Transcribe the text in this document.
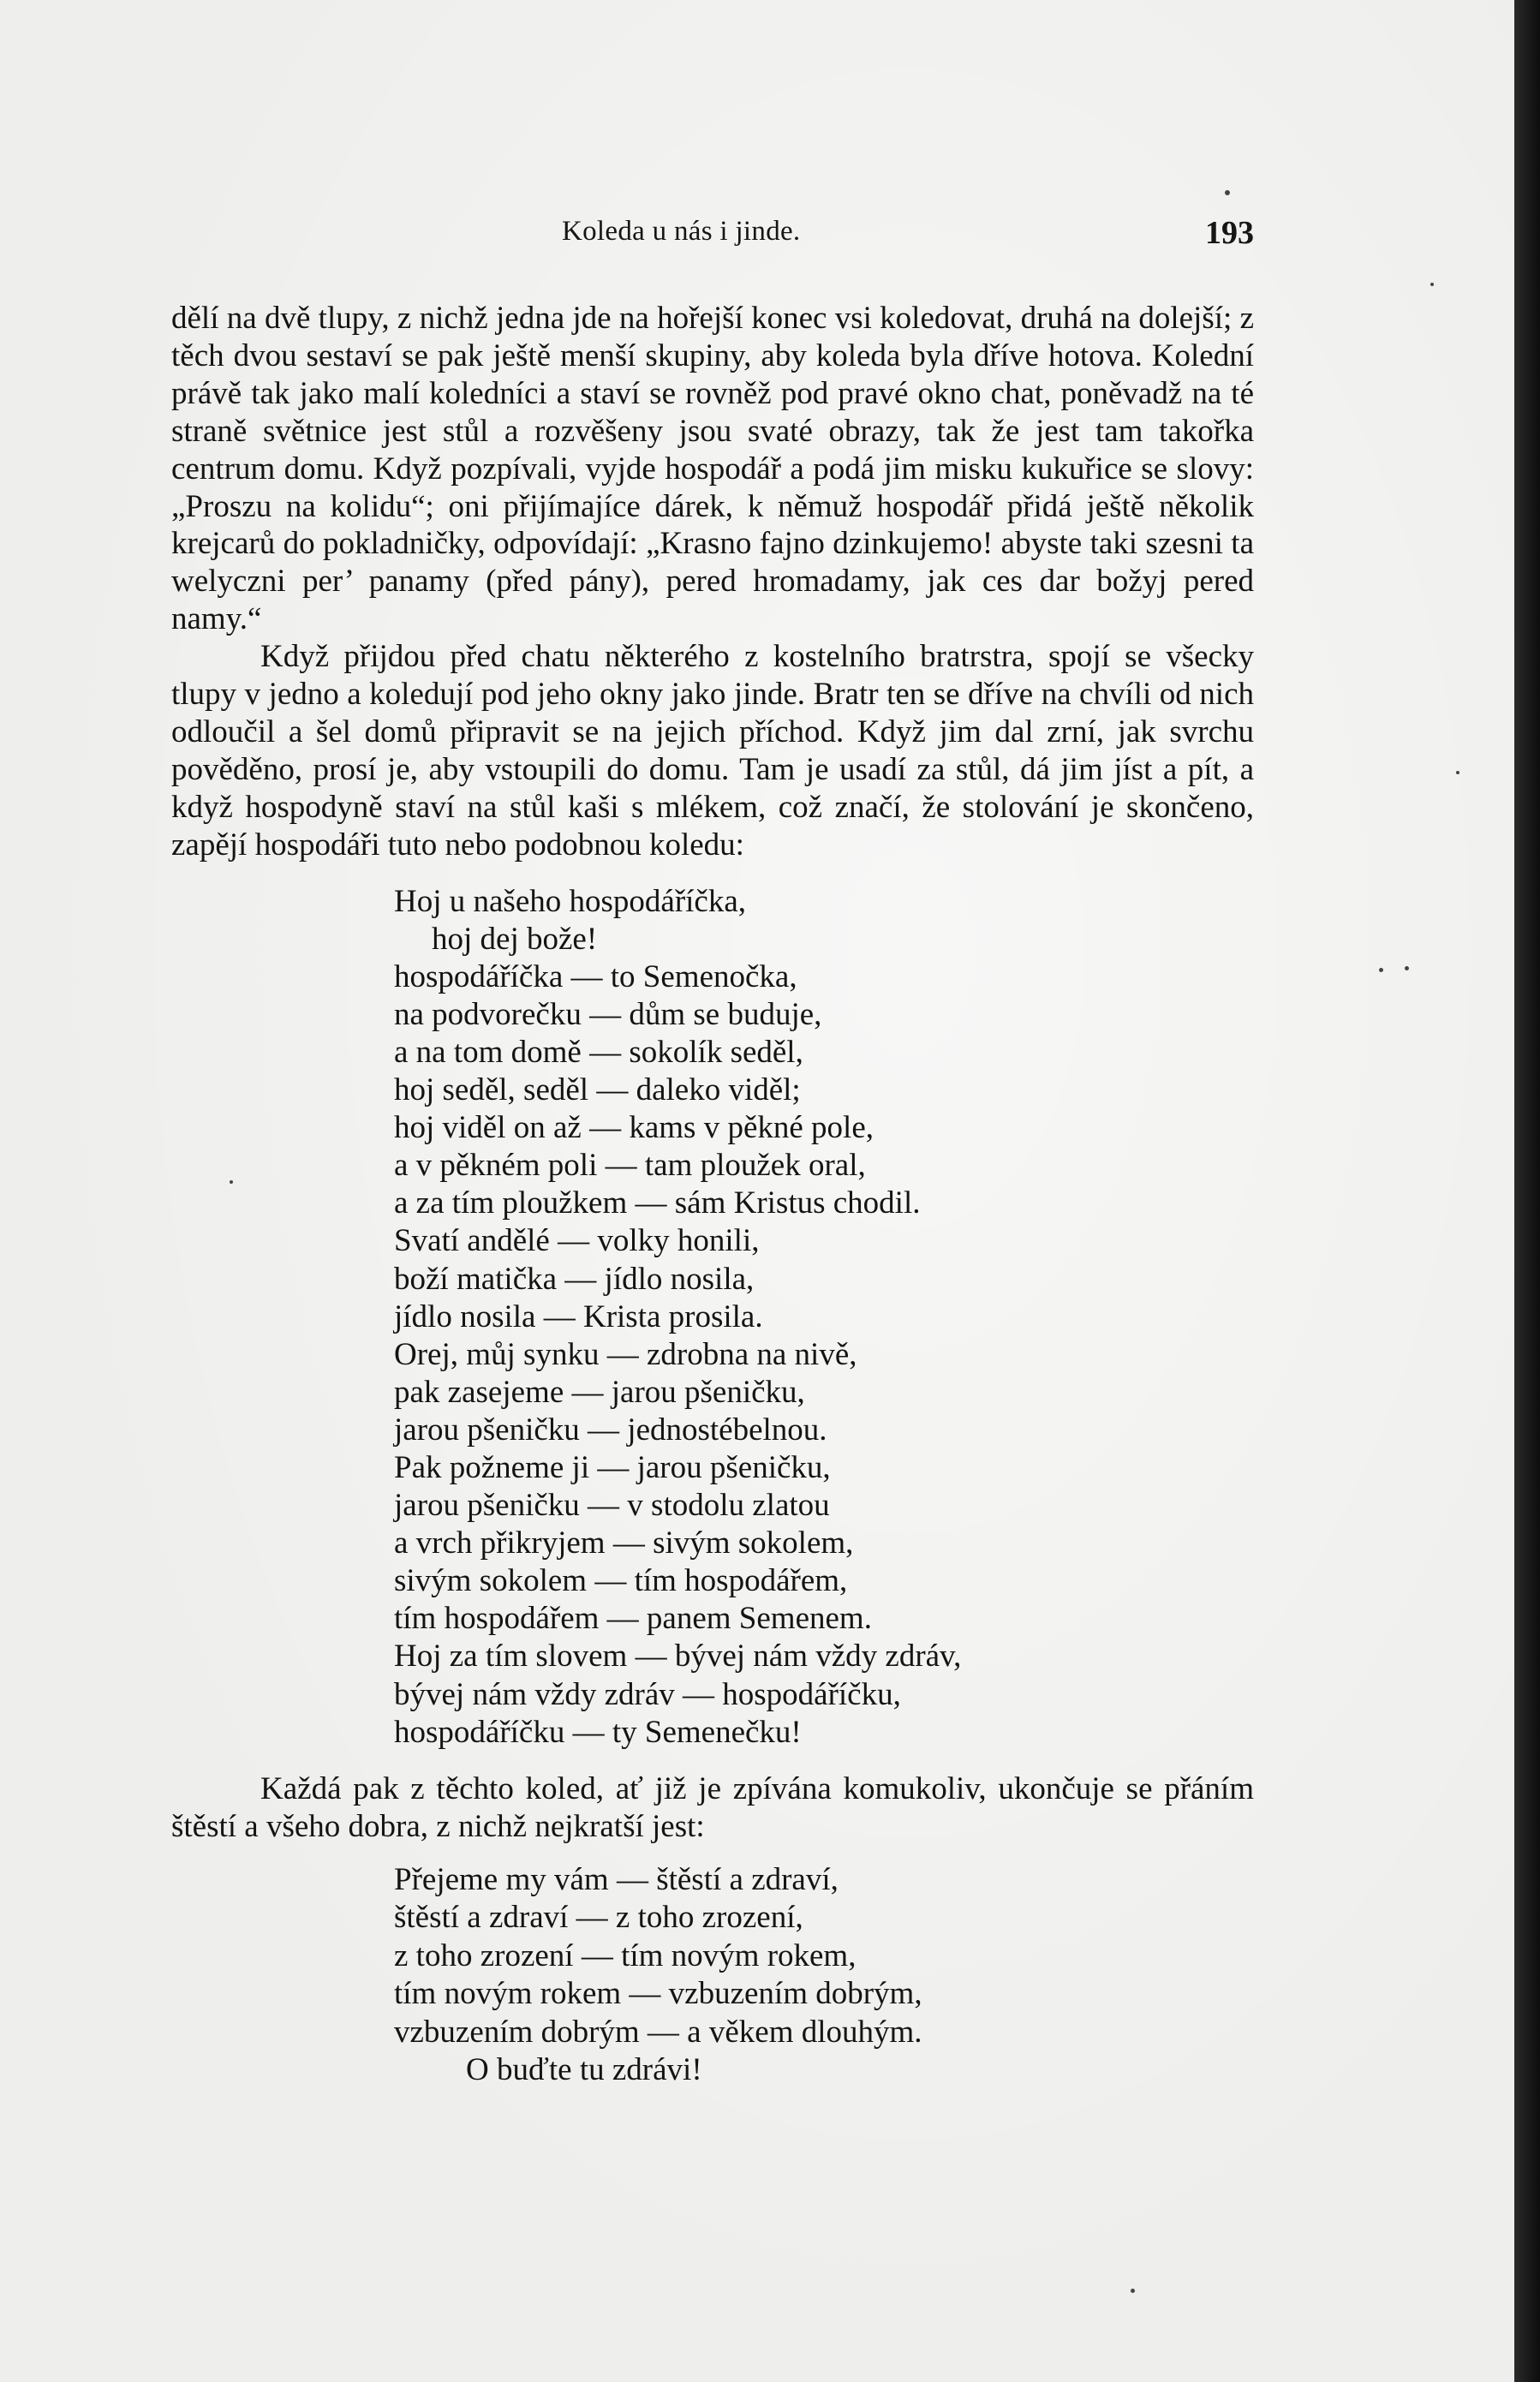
Koleda u nás i jinde.	193

dělí na dvě tlupy, z nichž jedna jde na hořejší konec vsi koledovat, druhá na dolejší; z těch dvou sestaví se pak ještě menší skupiny, aby koleda byla dříve hotova. Kolední právě tak jako malí koledníci a staví se rovněž pod pravé okno chat, poněvadž na té straně světnice jest stůl a rozvěšeny jsou svaté obrazy, tak že jest tam takořka centrum domu. Když pozpívali, vyjde hospodář a podá jim misku kukuřice se slovy: „Proszu na kolidu“; oni přijímajíce dárek, k němuž hospodář přidá ještě několik krejcarů do pokladničky, odpovídají: „Krasno fajno dzinkujemo! abyste taki szesni ta welyczni per’ panamy (před pány), pered hromadamy, jak ces dar božyj pered namy.“

Když přijdou před chatu některého z kostelního bratrstra, spojí se všecky tlupy v jedno a koledují pod jeho okny jako jinde. Bratr ten se dříve na chvíli od nich odloučil a šel domů připravit se na jejich příchod. Když jim dal zrní, jak svrchu pověděno, prosí je, aby vstoupili do domu. Tam je usadí za stůl, dá jim jíst a pít, a když hospodyně staví na stůl kaši s mlékem, což značí, že stolování je skončeno, zapějí hospodáři tuto nebo podobnou koledu:

Hoj u našeho hospodáříčka,
hoj dej bože!
hospodáříčka — to Semenočka,
na podvorečku — dům se buduje,
a na tom domě — sokolík seděl,
hoj seděl, seděl — daleko viděl;
hoj viděl on až — kams v pěkné pole,
a v pěkném poli — tam ploužek oral,
a za tím ploužkem — sám Kristus chodil.
Svatí andělé — volky honili,
boží matička — jídlo nosila,
jídlo nosila — Krista prosila.
Orej, můj synku — zdrobna na nivě,
pak zasejeme — jarou pšeničku,
jarou pšeničku — jednostébelnou.
Pak požneme ji — jarou pšeničku,
jarou pšeničku — v stodolu zlatou
a vrch přikryjem — sivým sokolem,
sivým sokolem — tím hospodářem,
tím hospodářem — panem Semenem.
Hoj za tím slovem — bývej nám vždy zdráv,
bývej nám vždy zdráv — hospodáříčku,
hospodáříčku — ty Semenečku!

Každá pak z těchto koled, ať již je zpívána komukoliv, ukončuje se přáním štěstí a všeho dobra, z nichž nejkratší jest:

Přejeme my vám — štěstí a zdraví,
štěstí a zdraví — z toho zrození,
z toho zrození — tím novým rokem,
tím novým rokem — vzbuzením dobrým,
vzbuzením dobrým — a věkem dlouhým.
O buďte tu zdrávi!
